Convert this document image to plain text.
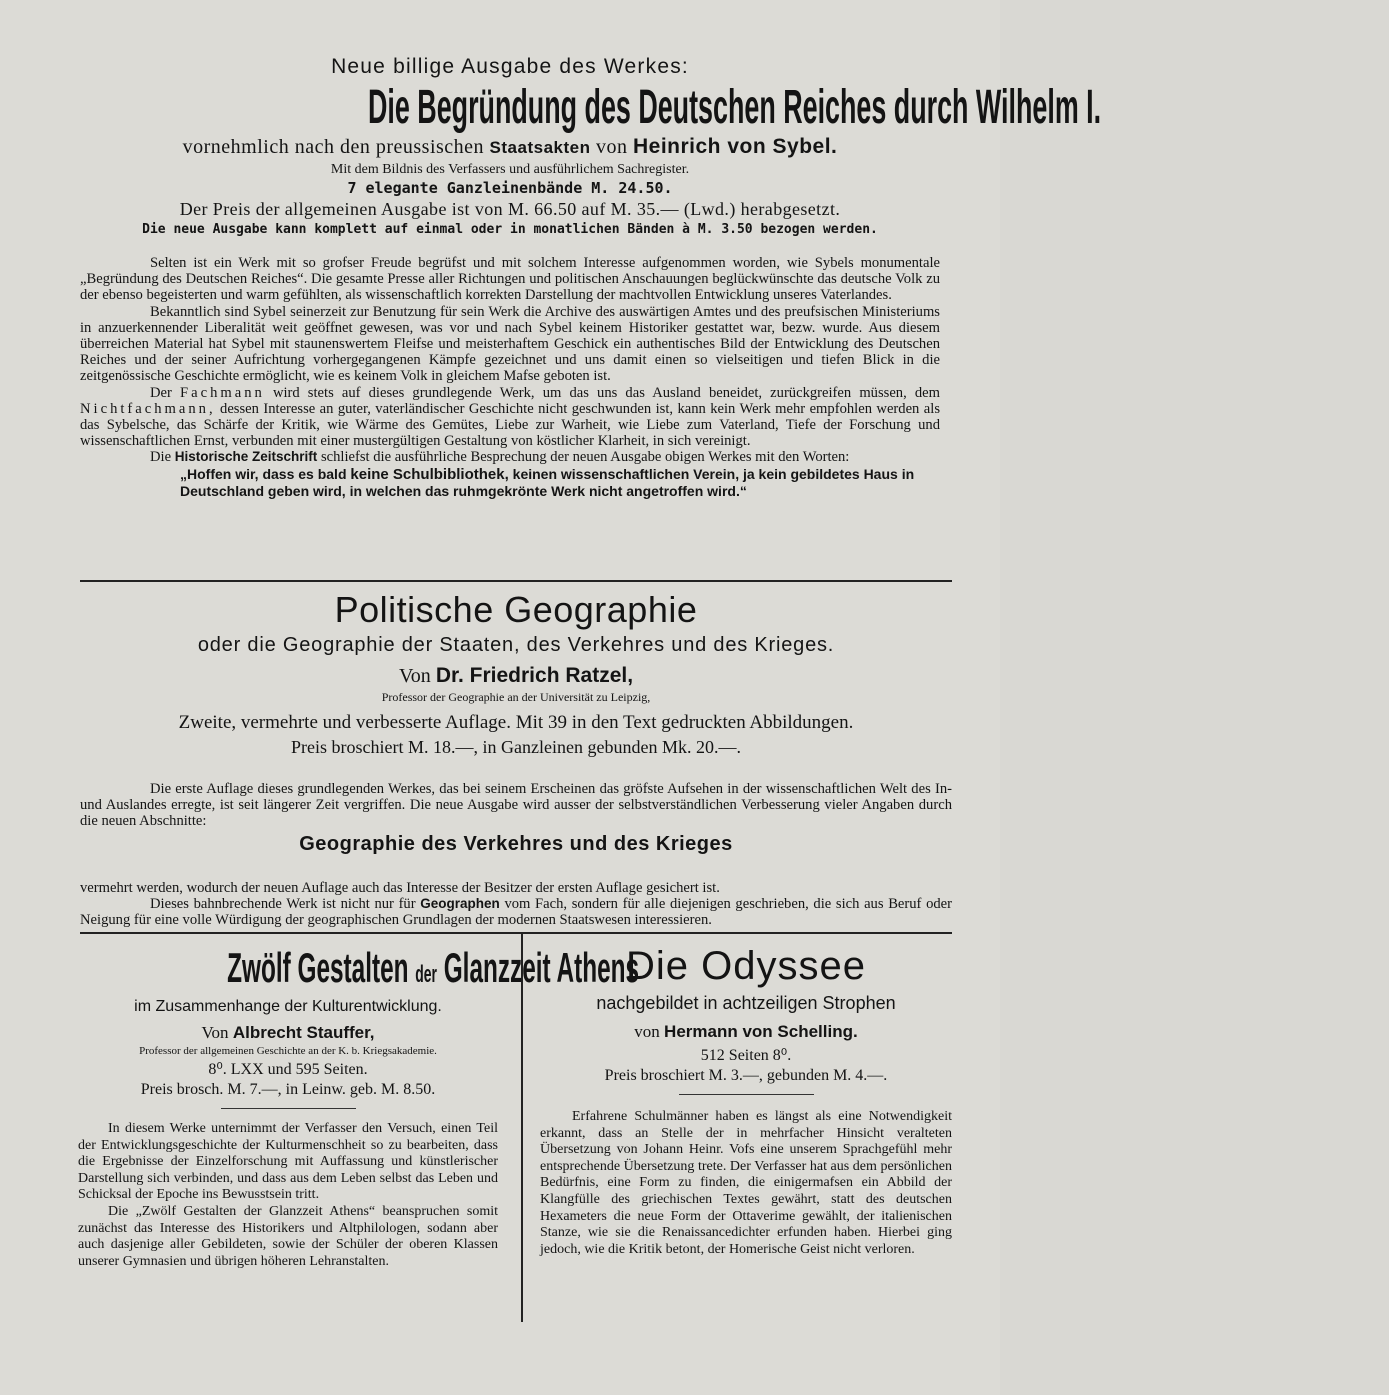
Neue billige Ausgabe des Werkes:

Die Begründung des Deutschen Reiches durch Wilhelm I.

vornehmlich nach den preussischen Staatsakten von Heinrich von Sybel.

Mit dem Bildnis des Verfassers und ausführlichem Sachregister.

7 elegante Ganzleinenbände M. 24.50.

Der Preis der allgemeinen Ausgabe ist von M. 66.50 auf M. 35.— (Lwd.) herabgesetzt.

Die neue Ausgabe kann komplett auf einmal oder in monatlichen Bänden à M. 3.50 bezogen werden.

Selten ist ein Werk mit so grofser Freude begrüfst und mit solchem Interesse aufgenommen worden, wie Sybels monumentale „Begründung des Deutschen Reiches“. Die gesamte Presse aller Richtungen und politischen Anschauungen beglückwünschte das deutsche Volk zu der ebenso begeisterten und warm gefühlten, als wissenschaftlich korrekten Darstellung der machtvollen Entwicklung unseres Vaterlandes.

Bekanntlich sind Sybel seinerzeit zur Benutzung für sein Werk die Archive des auswärtigen Amtes und des preufsischen Ministeriums in anzuerkennender Liberalität weit geöffnet gewesen, was vor und nach Sybel keinem Historiker gestattet war, bezw. wurde. Aus diesem überreichen Material hat Sybel mit staunenswertem Fleifse und meisterhaftem Geschick ein authentisches Bild der Entwicklung des Deutschen Reiches und der seiner Aufrichtung vorhergegangenen Kämpfe gezeichnet und uns damit einen so vielseitigen und tiefen Blick in die zeitgenössische Geschichte ermöglicht, wie es keinem Volk in gleichem Mafse geboten ist.

Der Fachmann wird stets auf dieses grundlegende Werk, um das uns das Ausland beneidet, zurückgreifen müssen, dem Nichtfachmann, dessen Interesse an guter, vaterländischer Geschichte nicht geschwunden ist, kann kein Werk mehr empfohlen werden als das Sybelsche, das Schärfe der Kritik, wie Wärme des Gemütes, Liebe zur Warheit, wie Liebe zum Vaterland, Tiefe der Forschung und wissenschaftlichen Ernst, verbunden mit einer mustergültigen Gestaltung von köstlicher Klarheit, in sich vereinigt.

Die Historische Zeitschrift schliefst die ausführliche Besprechung der neuen Ausgabe obigen Werkes mit den Worten:

„Hoffen wir, dass es bald keine Schulbibliothek, keinen wissenschaftlichen Verein, ja kein gebildetes Haus in Deutschland geben wird, in welchen das ruhmgekrönte Werk nicht angetroffen wird.“

Politische Geographie

oder die Geographie der Staaten, des Verkehres und des Krieges.

Von Dr. Friedrich Ratzel,

Professor der Geographie an der Universität zu Leipzig,

Zweite, vermehrte und verbesserte Auflage. Mit 39 in den Text gedruckten Abbildungen.

Preis broschiert M. 18.—, in Ganzleinen gebunden Mk. 20.—.

Die erste Auflage dieses grundlegenden Werkes, das bei seinem Erscheinen das gröfste Aufsehen in der wissenschaftlichen Welt des In- und Auslandes erregte, ist seit längerer Zeit vergriffen. Die neue Ausgabe wird ausser der selbstverständlichen Verbesserung vieler Angaben durch die neuen Abschnitte:

Geographie des Verkehres und des Krieges

vermehrt werden, wodurch der neuen Auflage auch das Interesse der Besitzer der ersten Auflage gesichert ist.

Dieses bahnbrechende Werk ist nicht nur für Geographen vom Fach, sondern für alle diejenigen geschrieben, die sich aus Beruf oder Neigung für eine volle Würdigung der geographischen Grundlagen der modernen Staatswesen interessieren.

Zwölf Gestalten der Glanzzeit Athens

im Zusammenhange der Kulturentwicklung.

Von Albrecht Stauffer,

Professor der allgemeinen Geschichte an der K. b. Kriegsakademie.

8⁰. LXX und 595 Seiten.

Preis brosch. M. 7.—, in Leinw. geb. M. 8.50.

In diesem Werke unternimmt der Verfasser den Versuch, einen Teil der Entwicklungsgeschichte der Kulturmenschheit so zu bearbeiten, dass die Ergebnisse der Einzelforschung mit Auffassung und künstlerischer Darstellung sich verbinden, und dass aus dem Leben selbst das Leben und Schicksal der Epoche ins Bewusstsein tritt.

Die „Zwölf Gestalten der Glanzzeit Athens“ beanspruchen somit zunächst das Interesse des Historikers und Altphilologen, sodann aber auch dasjenige aller Gebildeten, sowie der Schüler der oberen Klassen unserer Gymnasien und übrigen höheren Lehranstalten.

Die Odyssee

nachgebildet in achtzeiligen Strophen

von Hermann von Schelling.

512 Seiten 8⁰.

Preis broschiert M. 3.—, gebunden M. 4.—.

Erfahrene Schulmänner haben es längst als eine Notwendigkeit erkannt, dass an Stelle der in mehrfacher Hinsicht veralteten Übersetzung von Johann Heinr. Vofs eine unserem Sprachgefühl mehr entsprechende Übersetzung trete. Der Verfasser hat aus dem persönlichen Bedürfnis, eine Form zu finden, die einigermafsen ein Abbild der Klangfülle des griechischen Textes gewährt, statt des deutschen Hexameters die neue Form der Ottaverime gewählt, der italienischen Stanze, wie sie die Renaissancedichter erfunden haben. Hierbei ging jedoch, wie die Kritik betont, der Homerische Geist nicht verloren.
